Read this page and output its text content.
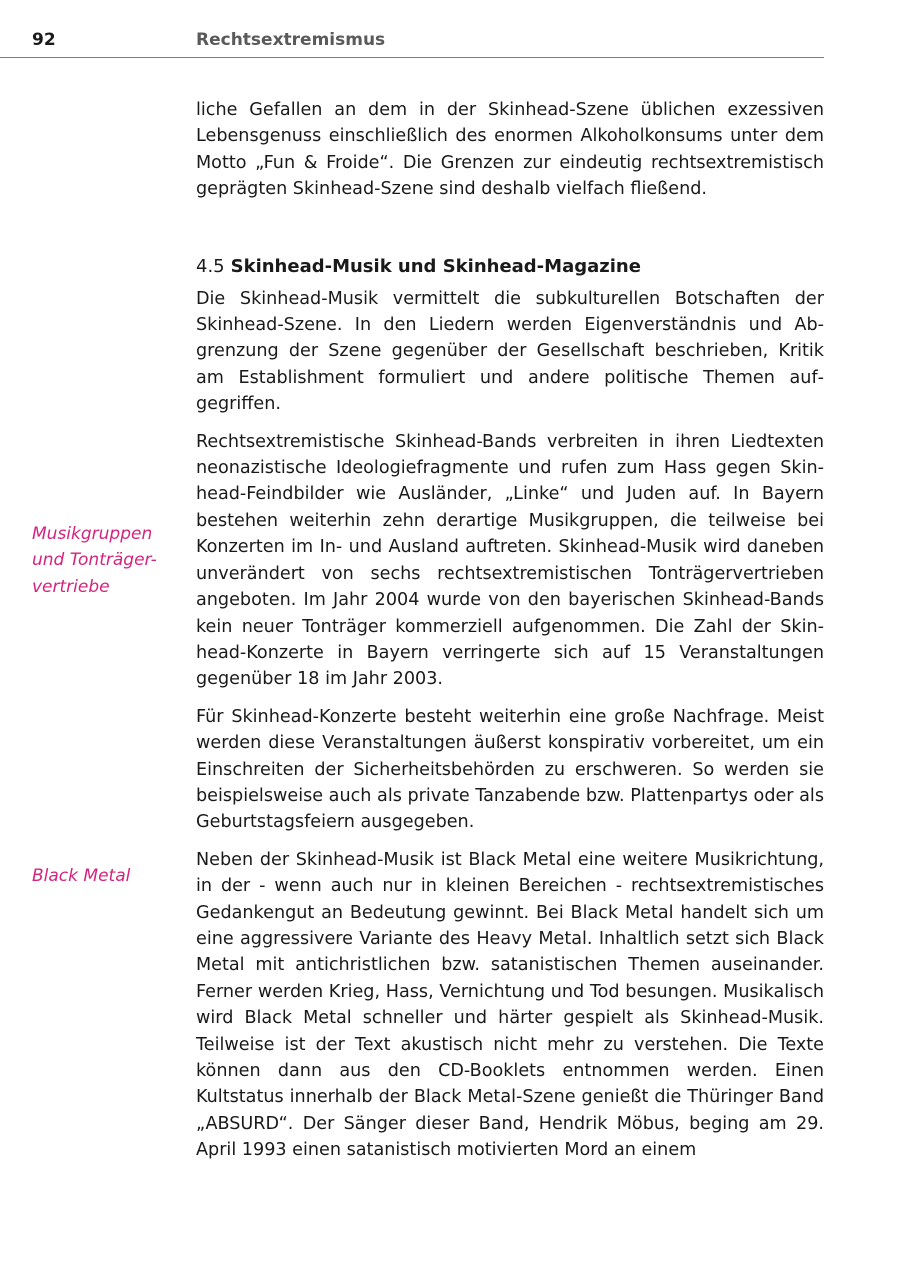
92	Rechtsextremismus
Musikgruppen
und Tonträger-
vertriebe
Black Metal

liche Gefallen an dem in der Skinhead-Szene üblichen exzessiven Lebensgenuss einschließlich des enormen Alkoholkonsums unter dem Motto „Fun & Froide“. Die Grenzen zur eindeutig rechtsextremistisch geprägten Skinhead-Szene sind deshalb vielfach fließend.

4.5 Skinhead-Musik und Skinhead-Magazine

Die Skinhead-Musik vermittelt die subkulturellen Botschaften der Skinhead-Szene. In den Liedern werden Eigenverständnis und Abgrenzung der Szene gegenüber der Gesellschaft beschrieben, Kritik am Establishment formuliert und andere politische Themen aufgegriffen.

Rechtsextremistische Skinhead-Bands verbreiten in ihren Liedtexten neonazistische Ideologiefragmente und rufen zum Hass gegen Skinhead-Feindbilder wie Ausländer, „Linke“ und Juden auf. In Bayern bestehen weiterhin zehn derartige Musikgruppen, die teilweise bei Konzerten im In- und Ausland auftreten. Skinhead-Musik wird daneben unverändert von sechs rechtsextremistischen Tonträgervertrieben angeboten. Im Jahr 2004 wurde von den bayerischen Skinhead-Bands kein neuer Tonträger kommerziell aufgenommen. Die Zahl der Skinhead-Konzerte in Bayern verringerte sich auf 15 Veranstaltungen gegenüber 18 im Jahr 2003.

Für Skinhead-Konzerte besteht weiterhin eine große Nachfrage. Meist werden diese Veranstaltungen äußerst konspirativ vorbereitet, um ein Einschreiten der Sicherheitsbehörden zu erschweren. So werden sie beispielsweise auch als private Tanzabende bzw. Plattenpartys oder als Geburtstagsfeiern ausgegeben.

Neben der Skinhead-Musik ist Black Metal eine weitere Musikrichtung, in der - wenn auch nur in kleinen Bereichen - rechtsextremistisches Gedankengut an Bedeutung gewinnt. Bei Black Metal handelt sich um eine aggressivere Variante des Heavy Metal. Inhaltlich setzt sich Black Metal mit antichristlichen bzw. satanistischen Themen auseinander. Ferner werden Krieg, Hass, Vernichtung und Tod besungen. Musikalisch wird Black Metal schneller und härter gespielt als Skinhead-Musik. Teilweise ist der Text akustisch nicht mehr zu verstehen. Die Texte können dann aus den CD-Booklets entnommen werden. Einen Kultstatus innerhalb der Black Metal-Szene genießt die Thüringer Band „ABSURD“. Der Sänger dieser Band, Hendrik Möbus, beging am 29. April 1993 einen satanistisch motivierten Mord an einem
